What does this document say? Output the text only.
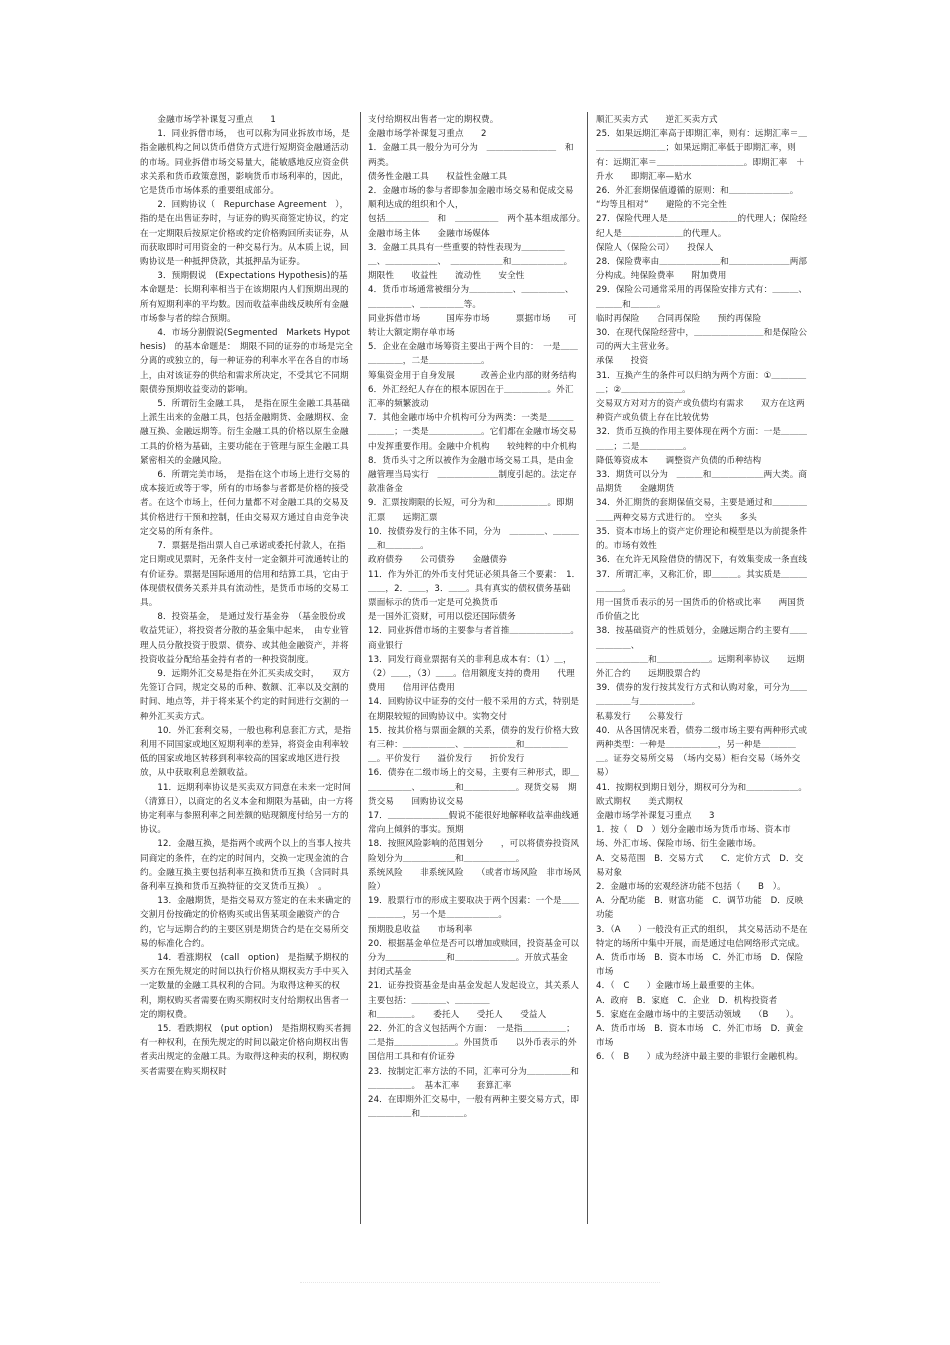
　　金融市场学补课复习重点　　1

　　1．同业拆借市场，　也可以称为同业拆放市场，是指金融机构之间以货币借贷方式进行短期资金融通活动的市场。同业拆借市场交易量大，能敏感地反应资金供求关系和货币政策意图，影响货币市场利率的，因此，它是货币市场体系的重要组成部分。

　　2．回购协议（　Repurchase Agreement　），指的是在出售证券时，与证券的购买商签定协议，约定在一定期限后按原定价格或约定价格购回所卖证券，从而获取即时可用资金的一种交易行为。从本质上说，回购协议是一种抵押贷款，其抵押品为证券。

　　3．预期假说　(Expectations Hypothesis)的基本命题是：长期利率相当于在该期限内人们预期出现的所有短期利率的平均数。因而收益率曲线反映所有金融市场参与者的综合预期。

　　4．市场分割假说(Segmented　Markets Hypothesis)　的基本命题是：　期限不同的证券的市场是完全分离的或独立的，每一种证券的利率水平在各自的市场上，由对该证券的供给和需求所决定，不受其它不同期限债券预期收益变动的影响。

　　5．所谓衍生金融工具，　是指在原生金融工具基础上派生出来的金融工具，包括金融期货、金融期权、金融互换、金融远期等。衍生金融工具的价格以原生金融工具的价格为基础，主要功能在于管理与原生金融工具紧密相关的金融风险。

　　6．所谓完美市场，　是指在这个市场上进行交易的成本接近或等于零，所有的市场参与者都是价格的接受者。在这个市场上，任何力量都不对金融工具的交易及其价格进行干预和控制，任由交易双方通过自由竞争决定交易的所有条件。

　　7．票据是指出票人自己承诺或委托付款人，在指定日期或见票时，无条件支付一定金额并可流通转让的有价证券。票据是国际通用的信用和结算工具，它由于体现债权债务关系并具有流动性，是货币市场的交易工具。

　　8．投资基金，　是通过发行基金券　（基金股份或收益凭证），将投资者分散的基金集中起来，　由专业管理人员分散投资于股票、债券、或其他金融资产，并将投资收益分配给基金持有者的一种投资制度。

　　9．远期外汇交易是指在外汇买卖成交时，　　双方先签订合同，规定交易的币种、数额、汇率以及交割的时间、地点等，并于将来某个约定的时间进行交割的一种外汇买卖方式。

　　10．外汇套利交易，一般也称利息套汇方式，是指利用不同国家或地区短期利率的差异，将资金由利率较低的国家或地区转移到利率较高的国家或地区进行投放，从中获取利息差额收益。

　　11．远期利率协议是买卖双方同意在未来一定时间（清算日），以商定的名义本金和期限为基础，由一方将协定利率与参照利率之间差额的贴现额度付给另一方的协议。

　　12．金融互换，是指两个或两个以上的当事人按共同商定的条件，在约定的时间内，交换一定现金流的合约。金融互换主要包括利率互换和货币互换（含同时具备利率互换和货币互换特征的交叉货币互换）　。

　　13．金融期货，是指交易双方签定的在未来确定的交割月份按确定的价格购买或出售某项金融资产的合约，它与远期合约的主要区别是期货合约是在交易所交易的标准化合约。

　　14．看涨期权　(call　option)　是指赋予期权的买方在预先规定的时间以执行价格从期权卖方手中买入一定数量的金融工具权利的合同。为取得这种买的权利，期权购买者需要在购买期权时支付给期权出售者一定的期权费。

　　15．看跌期权　(put option)　是指期权购买者拥有一种权利，在预先规定的时间以敲定价格向期权出售者卖出规定的金融工具。为取得这种卖的权利，期权购买者需要在购买期权时

支付给期权出售者一定的期权费。

金融市场学补课复习重点　　2

1．金融工具一般分为可分为　＿＿＿＿＿＿＿＿　和两类。

债务性金融工具　　权益性金融工具

2．金融市场的参与者即参加金融市场交易和促成交易顺利达成的组织和个人，

包括＿＿＿＿＿　和　＿＿＿＿＿　两个基本组成部分。　金融市场主体　　金融市场媒体

3．金融工具具有一些重要的特性表现为＿＿＿＿＿＿、＿＿＿＿＿＿、　＿＿＿＿＿＿和＿＿＿＿＿＿。　　期限性　　收益性　　流动性　　安全性

4．货币市场通常被细分为＿＿＿＿＿、＿＿＿＿＿、＿＿＿＿＿、＿＿＿＿＿等。

同业拆借市场　　　国库券市场　　　票据市场　　可转让大额定期存单市场

5．企业在金融市场筹资主要出于两个目的：　一是＿＿＿＿＿＿，二是＿＿＿＿＿＿。

筹集资金用于自身发展　　　改善企业内部的财务结构

6．外汇经纪人存在的根本原因在于＿＿＿＿＿。外汇汇率的频繁波动

7．其他金融市场中介机构可分为两类：一类是＿＿＿＿＿＿；一类是＿＿＿＿＿＿。它们都在金融市场交易中发挥重要作用。金融中介机构　　较纯粹的中介机构

8．货币头寸之所以被作为金融市场交易工具，是由金融管理当局实行　＿＿＿＿＿＿＿制度引起的。法定存款准备金

9．汇票按期限的长短，可分为和＿＿＿＿＿＿。即期汇票　　远期汇票

10．按债券发行的主体不同，分为　＿＿＿＿、＿＿＿＿和＿＿＿＿。

政府债券　　公司债券　　金融债券

11．作为外汇的外币支付凭证必须具备三个要素：　1．＿＿，2．＿＿，3．＿＿。具有真实的债权债务基础　　票面标示的货币一定是可兑换货币

是一国外汇资财，可用以偿还国际债务

12．同业拆借市场的主要参与者首推＿＿＿＿＿＿＿。商业银行

13．同发行商业票据有关的非利息成本有：（1）＿，（2）＿＿，（3）＿＿。信用额度支持的费用　　代理费用　　信用评估费用

14．回购协议中证券的交付一般不采用的方式，特别是在期限较短的回购协议中。实物交付

15．按其价格与票面金额的关系，债券的发行价格大致有三种：＿＿＿＿＿＿、＿＿＿＿＿＿和＿＿＿＿＿＿。平价发行　　溢价发行　　折价发行

16．债券在二级市场上的交易，主要有三种形式，即＿＿＿＿＿＿、＿＿＿＿和＿＿＿＿＿＿。现货交易　期货交易　　回购协议交易

17．＿＿＿＿＿＿＿假说不能很好地解释收益率曲线通常向上倾斜的事实。预期

18．按照风险影响的范围划分　　，可以将债券投资风险划分为＿＿＿＿＿＿和＿＿＿＿＿＿。

系统风险　　非系统风险　　（或者市场风险　非市场风险）

19．股票行市的形成主要取决于两个因素：一个是＿＿＿＿＿＿，另一个是＿＿＿＿＿＿。

预期股息收益　　市场利率

20．根据基金单位是否可以增加或赎回，投资基金可以分为＿＿＿＿＿＿＿和＿＿＿＿＿＿＿。开放式基金　　封闭式基金

21．证券投资基金是由基金发起人发起设立，其关系人主要包括：＿＿＿＿、＿＿＿＿

和＿＿＿＿。　　委托人　　受托人　　受益人

22．外汇的含义包括两个方面：　一是指＿＿＿＿＿；二是指＿＿＿＿＿＿＿。外国货币　　以外币表示的外国信用工具和有价证券

23．按制定汇率方法的不同，汇率可分为＿＿＿＿＿和＿＿＿＿＿。　基本汇率　　套算汇率

24．在即期外汇交易中，一般有两种主要交易方式，即＿＿＿＿＿和＿＿＿＿＿。

顺汇买卖方式　　逆汇买卖方式

25．如果远期汇率高于即期汇率，则有：远期汇率＝＿＿＿＿＿＿＿＿＿；如果远期汇率低于即期汇率，则有：远期汇率＝＿＿＿＿＿＿＿＿＿＿。即期汇率　＋升水　　即期汇率—贴水

26．外汇套期保值遵循的原则：和＿＿＿＿＿＿＿。

“均等且相对”　　避险的不完全性

27．保险代理人是＿＿＿＿＿＿＿＿的代理人；保险经纪人是＿＿＿＿＿＿＿的代理人。

保险人（保险公司）　　投保人

28．保险费率由＿＿＿＿＿＿＿和＿＿＿＿＿＿＿两部分构成。纯保险费率　　附加费用

29．保险公司通常采用的再保险安排方式有：＿＿＿、＿＿＿和＿＿＿。

临时再保险　　合同再保险　　预约再保险

30．在现代保险经营中，＿＿＿＿＿＿＿＿和是保险公司的两大主营业务。

承保　　投资

31．互换产生的条件可以归纳为两个方面：①＿＿＿＿＿；②＿＿＿＿＿＿＿。

交易双方对对方的资产或负债均有需求　　双方在这两种资产或负债上存在比较优势

32．货币互换的作用主要体现在两个方面：一是＿＿＿＿＿；二是＿＿＿＿＿。

降低筹资成本　　调整资产负债的币种结构

33．期货可以分为　＿＿＿和＿＿＿＿＿＿两大类。商品期货　　金融期货

34．外汇期货的套期保值交易，主要是通过和＿＿＿＿＿＿两种交易方式进行的。　空头　　多头

35．资本市场上的资产定价理论和模型是以为前提条件的。市场有效性

36．在允许无风险借贷的情况下，有效集变成一条直线

37．所谓汇率，又称汇价，即＿＿＿。其实质是＿＿＿＿＿＿。

用一国货币表示的另一国货币的价格或比率　　两国货币价值之比

38．按基础资产的性质划分，金融远期合约主要有＿＿＿＿＿＿、

＿＿＿＿＿＿和＿＿＿＿＿＿。远期利率协议　　远期外汇合约　　远期股票合约

39．债券的发行按其发行方式和认购对象，可分为＿＿＿＿＿＿与＿＿＿＿＿＿。

私募发行　　公募发行

40．从各国情况来看，债券二级市场主要有两种形式或两种类型：一种是＿＿＿＿＿＿，另一种是＿＿＿＿＿。证券交易所交易　（场内交易）柜台交易（场外交易）

41．按期权到期日划分，期权可分为和＿＿＿＿＿＿。欧式期权　　美式期权

金融市场学补课复习重点　　3

1．按（　D　）划分金融市场为货币市场、资本市场、外汇市场、保险市场、衍生金融市场。

A．交易范围　B．交易方式　　C．定价方式　D．交易对象

2．金融市场的宏观经济功能不包括（　　B　）。

A．分配功能　B．财富功能　C．调节功能　D．反映功能

3．（A　　）一般没有正式的组织，　其交易活动不是在特定的场所中集中开展，而是通过电信网络形式完成。

A．货币市场　B．资本市场　C．外汇市场　D．保险市场

4．（　C　　）金融市场上最重要的主体。

A．政府　B．家庭　C．企业　D．机构投资者

5．家庭在金融市场中的主要活动领域　　（B　　）。

A．货币市场　B．资本市场　C．外汇市场　D．黄金市场

6．（　B　　）成为经济中最主要的非银行金融机构。
